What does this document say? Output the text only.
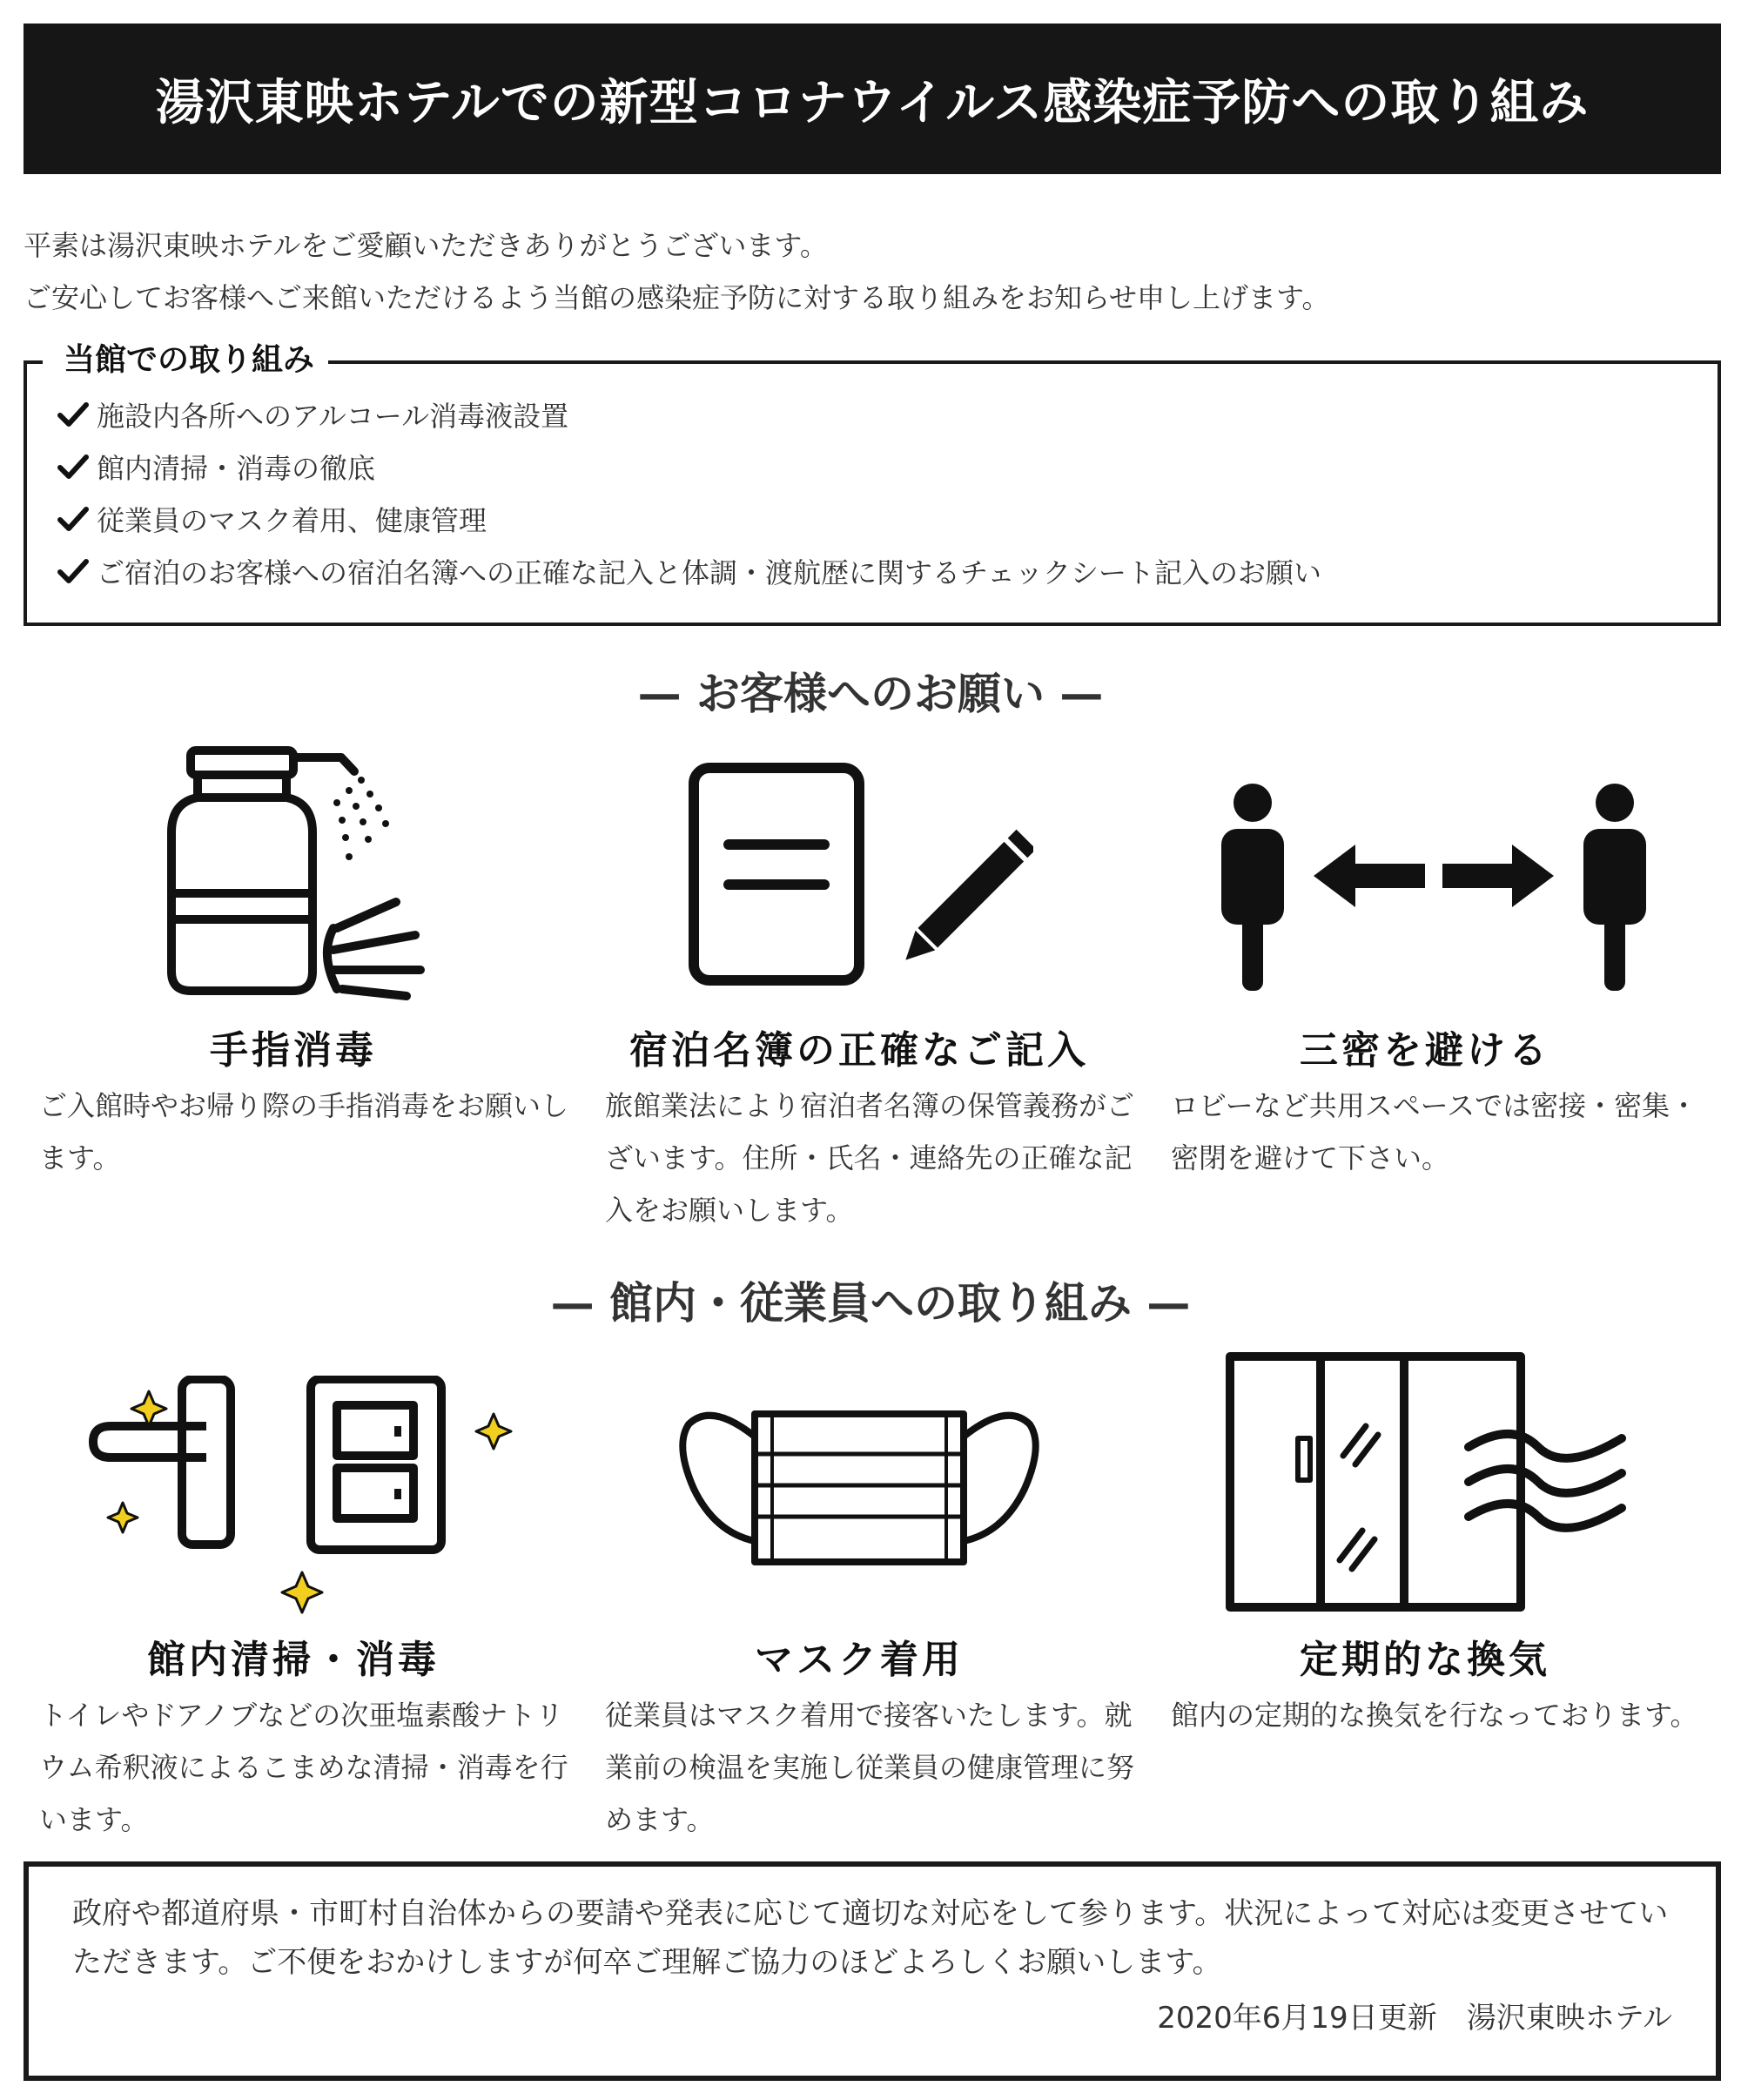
湯沢東映ホテルでの新型コロナウイルス感染症予防への取り組み

平素は湯沢東映ホテルをご愛顧いただきありがとうございます。

ご安心してお客様へご来館いただけるよう当館の感染症予防に対する取り組みをお知らせ申し上げます。

当館での取り組み
施設内各所へのアルコール消毒液設置
館内清掃・消毒の徹底
従業員のマスク着用、健康管理
ご宿泊のお客様への宿泊名簿への正確な記入と体調・渡航歴に関するチェックシート記入のお願い
— お客様へのお願い —
手指消毒
ご入館時やお帰り際の手指消毒をお願いします。
宿泊名簿の正確なご記入
旅館業法により宿泊者名簿の保管義務がございます。住所・氏名・連絡先の正確な記入をお願いします。
三密を避ける
ロビーなど共用スペースでは密接・密集・密閉を避けて下さい。
— 館内・従業員への取り組み —
館内清掃・消毒
トイレやドアノブなどの次亜塩素酸ナトリウム希釈液によるこまめな清掃・消毒を行います。
マスク着用
従業員はマスク着用で接客いたします。就業前の検温を実施し従業員の健康管理に努めます。
定期的な換気
館内の定期的な換気を行なっております。

政府や都道府県・市町村自治体からの要請や発表に応じて適切な対応をして参ります。状況によって対応は変更させていただきます。ご不便をおかけしますが何卒ご理解ご協力のほどよろしくお願いします。

2020年6月19日更新　湯沢東映ホテル
